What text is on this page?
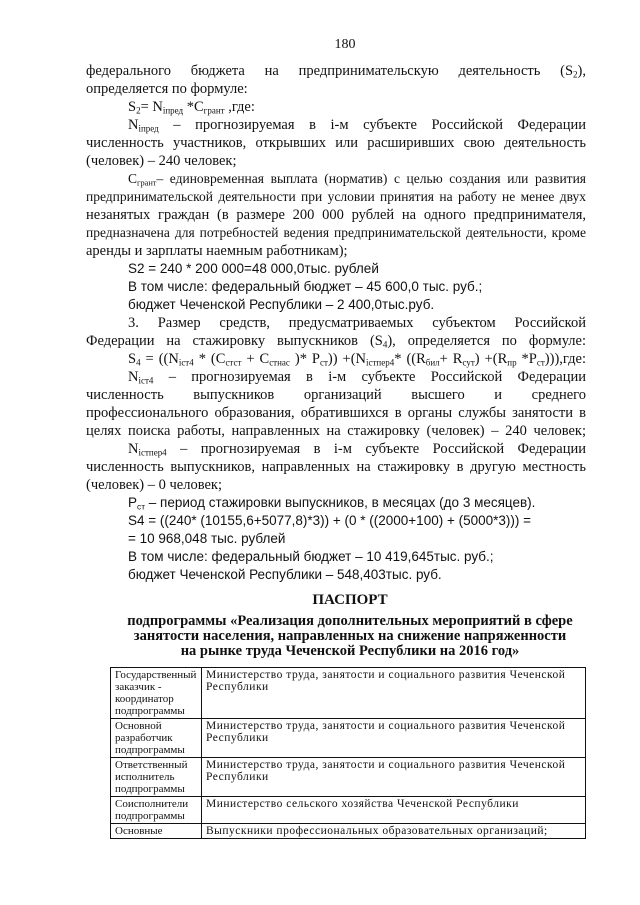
180
федерального бюджета на предпринимательскую деятельность $(S_2)$,
определяется по формуле:
$S_2= N_{iпред}$ $*С_{грант}$ ,где:
$N_{iпред}$ – прогнозируемая в i-м субъекте Российской Федерации
численность участников, открывших или расширивших свою деятельность
(человек) – 240 человек;
$С_{грант}-$ единовременная выплата (норматив) с целью создания или развития
предпринимательской деятельности при условии принятия на работу не менее двух
незанятых граждан (в размере 200 000 рублей на одного предпринимателя,
предназначена для потребностей ведения предпринимательской деятельности, кроме
аренды и зарплаты наемным работникам);
S2 = 240 * 200 000=48 000,0тыс. рублей
В том числе: федеральный бюджет – 45 600,0 тыс. руб.;
бюджет Чеченской Республики – 2 400,0тыс.руб.
3. Размер средств, предусматриваемых субъектом Российской
Федерации на стажировку выпускников $(S_4)$, определяется по формуле:
$S_4 = ((N_{iст4} * (С_{стст} + С_{стнас}$ )* $Р_{ст})) +(N_{iстпер4}*$ ($(R_{бил}+ R_{сут}) +(R_{пр}$ $*Р_{ст}))),где$:
$N_{iст4}$ – прогнозируемая в i-м субъекте Российской Федерации
численность выпускников организаций высшего и среднего
профессионального образования, обратившихся в органы службы занятости в
целях поиска работы, направленных на стажировку (человек) – 240 человек;
$N_{iстпер4}$ – прогнозируемая в i-м субъекте Российской Федерации
численность выпускников, направленных на стажировку в другую местность
(человек) – 0 человек;
$Р_{ст}$ – период стажировки выпускников, в месяцах (до 3 месяцев).
S4 = ((240* (10155,6+5077,8)*3)) + (0 * ((2000+100) + (5000*3))) =
= 10 968,048 тыс. рублей
В том числе: федеральный бюджет – 10 419,645тыс. руб.;
бюджет Чеченской Республики – 548,403тыс. руб.
ПАСПОРТ
подпрограммы «Реализация дополнительных мероприятий в сфере
занятости населения, направленных на снижение напряженности
на рынке труда Чеченской Республики на 2016 год»
Государственный заказчик - координатор подпрограммы	Министерство труда, занятости и социального развития Чеченской Республики
Основной разработчик подпрограммы	Министерство труда, занятости и социального развития Чеченской Республики
Ответственный исполнитель подпрограммы	Министерство труда, занятости и социального развития Чеченской Республики
Соисполнители подпрограммы	Министерство сельского хозяйства Чеченской Республики
Основные	Выпускники профессиональных образовательных организаций;
